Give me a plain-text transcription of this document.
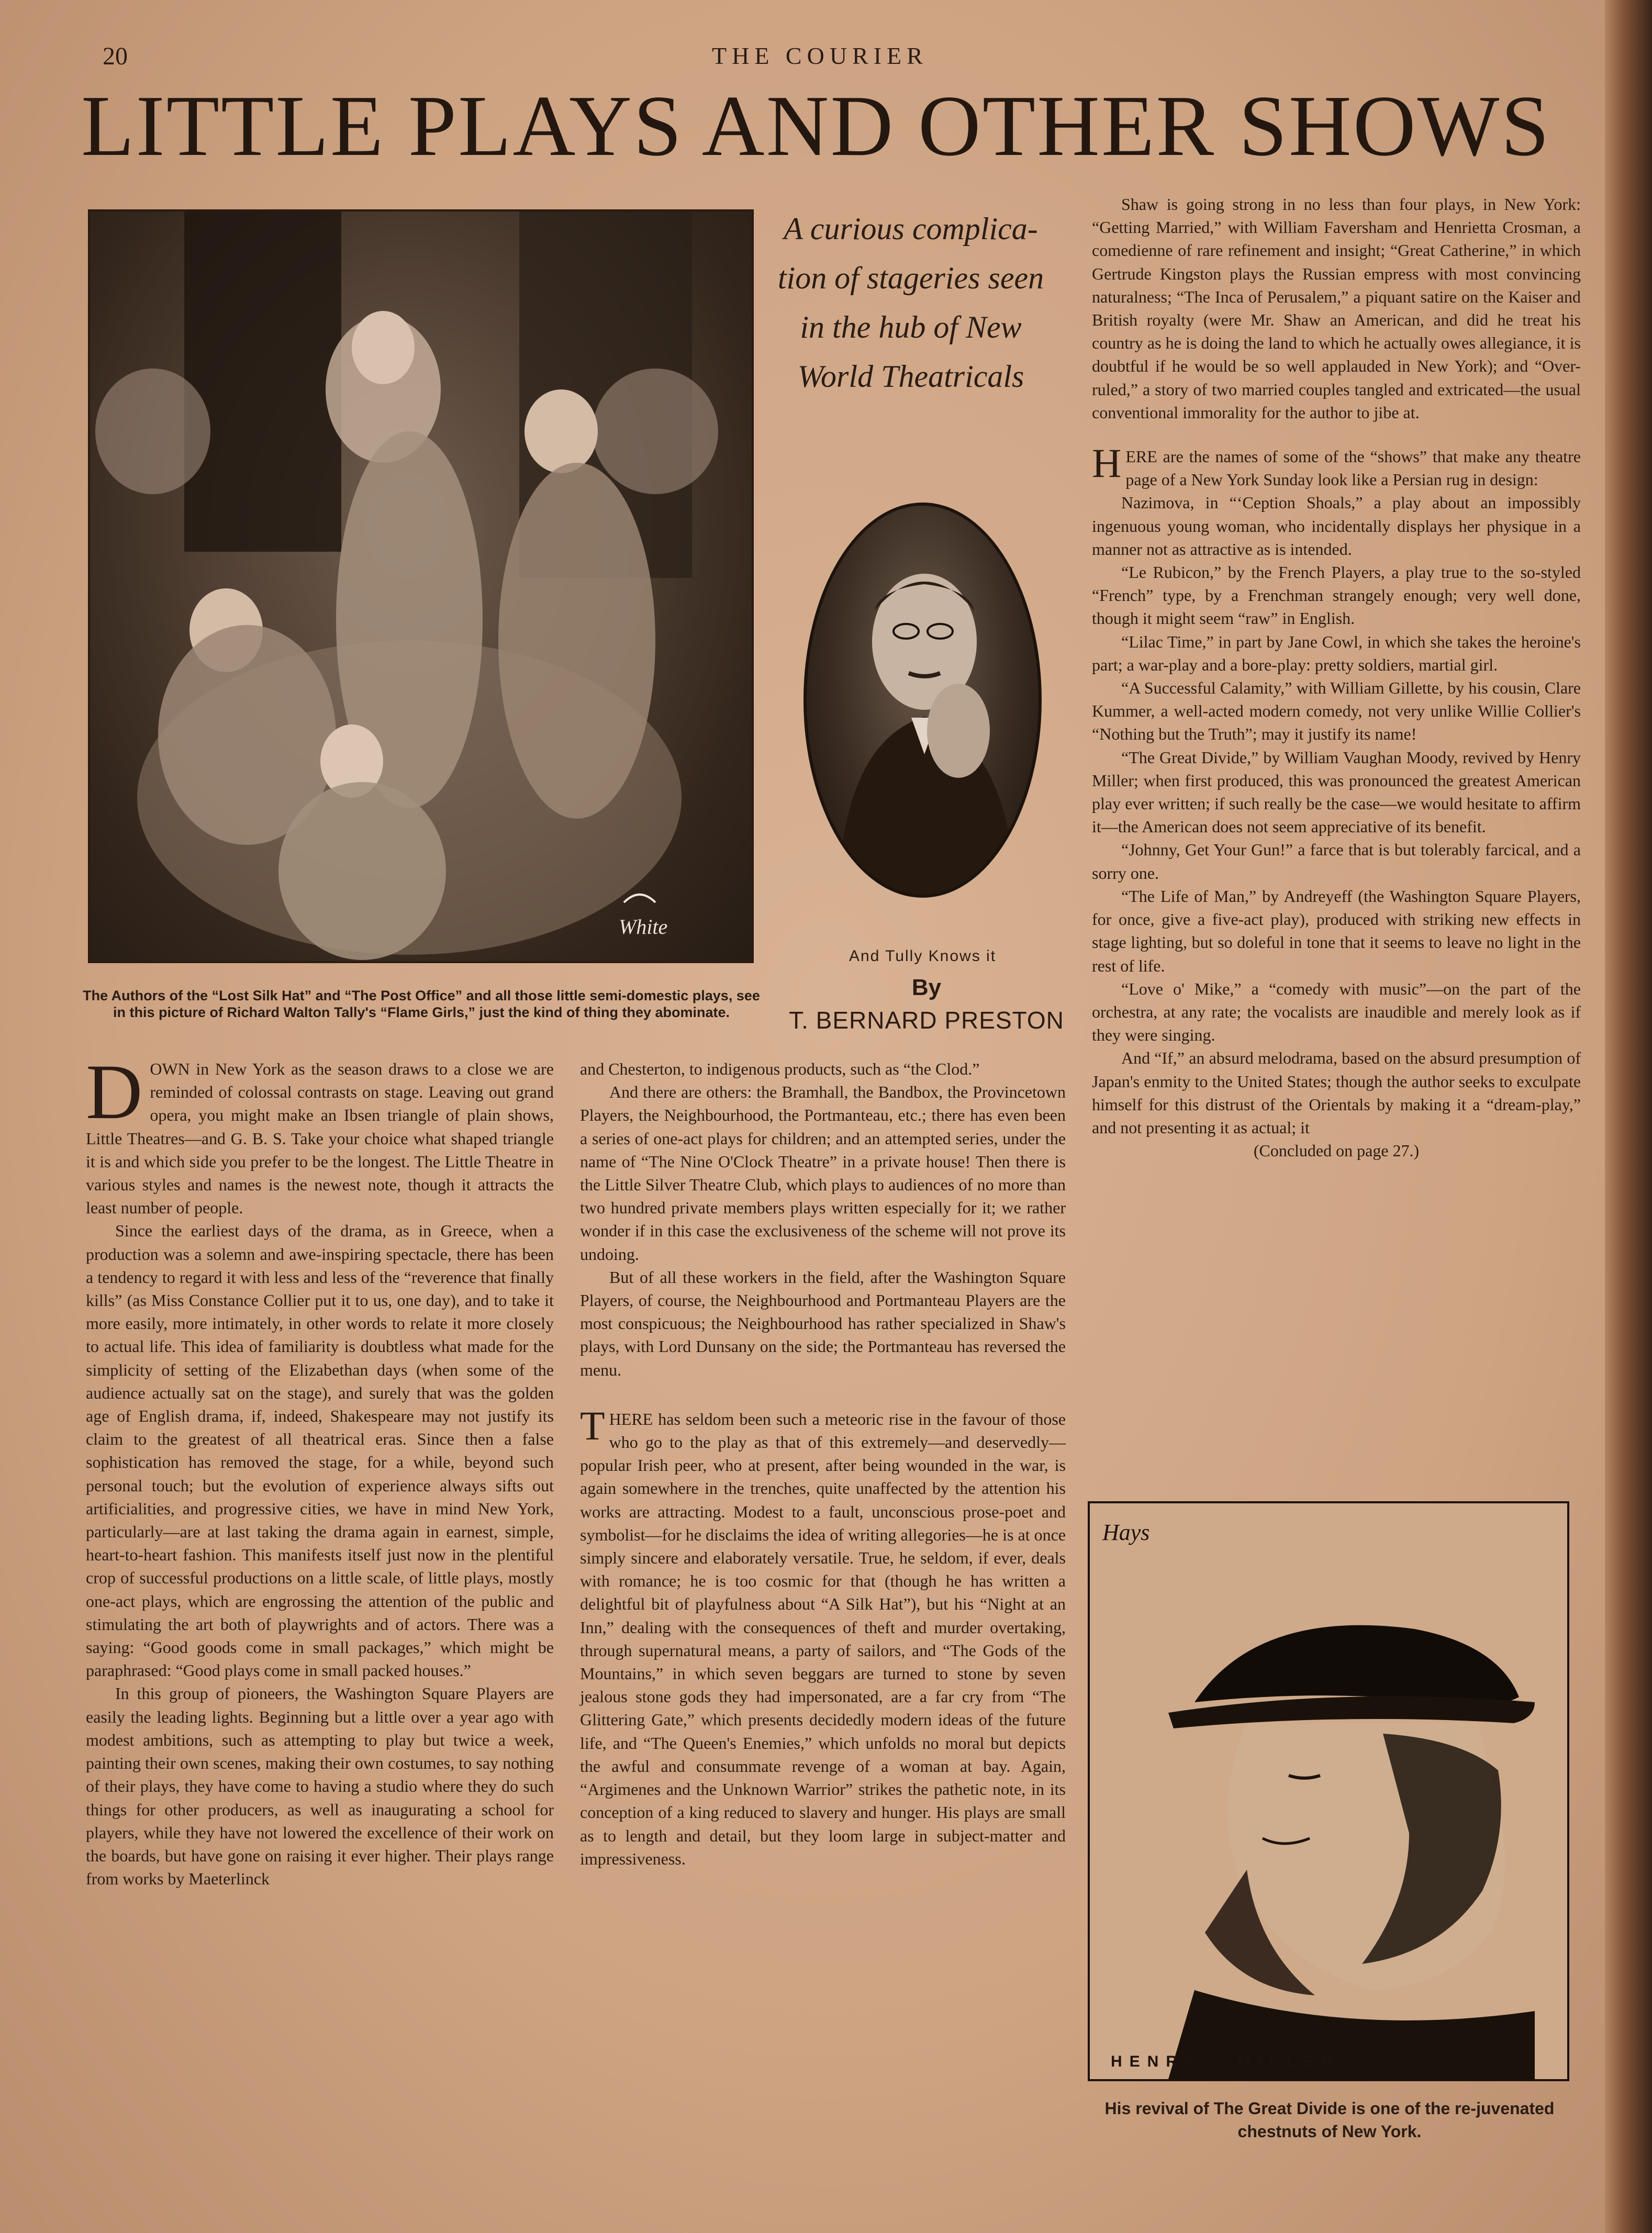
20	THE COURIER
LITTLE PLAYS AND OTHER SHOWS
White
The Authors of the “Lost Silk Hat” and “The Post Office” and all those little semi-domestic plays, see in this picture of Richard Walton Tally's “Flame Girls,” just the kind of thing they abominate.
A curious complica-tion of stageries seen in the hub of New World Theatricals
And Tully Knows it
By
T. BERNARD PRESTON

DOWN in New York as the season draws to a close we are reminded of colossal contrasts on stage. Leaving out grand opera, you might make an Ibsen triangle of plain shows, Little Theatres—and G. B. S. Take your choice what shaped triangle it is and which side you prefer to be the longest. The Little Theatre in various styles and names is the newest note, though it attracts the least number of people.

Since the earliest days of the drama, as in Greece, when a production was a solemn and awe-inspiring spectacle, there has been a tendency to regard it with less and less of the “reverence that finally kills” (as Miss Constance Collier put it to us, one day), and to take it more easily, more intimately, in other words to relate it more closely to actual life. This idea of familiarity is doubtless what made for the simplicity of setting of the Elizabethan days (when some of the audience actually sat on the stage), and surely that was the golden age of English drama, if, indeed, Shakespeare may not justify its claim to the greatest of all theatrical eras. Since then a false sophistication has removed the stage, for a while, beyond such personal touch; but the evolution of experience always sifts out artificialities, and progressive cities, we have in mind New York, particularly—are at last taking the drama again in earnest, simple, heart-to-heart fashion. This manifests itself just now in the plentiful crop of successful productions on a little scale, of little plays, mostly one-act plays, which are engrossing the attention of the public and stimulating the art both of playwrights and of actors. There was a saying: “Good goods come in small packages,” which might be paraphrased: “Good plays come in small packed houses.”

In this group of pioneers, the Washington Square Players are easily the leading lights. Beginning but a little over a year ago with modest ambitions, such as attempting to play but twice a week, painting their own scenes, making their own costumes, to say nothing of their plays, they have come to having a studio where they do such things for other producers, as well as inaugurating a school for players, while they have not lowered the excellence of their work on the boards, but have gone on raising it ever higher. Their plays range from works by Maeterlinck

and Chesterton, to indigenous products, such as “the Clod.”

And there are others: the Bramhall, the Bandbox, the Provincetown Players, the Neighbourhood, the Portmanteau, etc.; there has even been a series of one-act plays for children; and an attempted series, under the name of “The Nine O'Clock Theatre” in a private house! Then there is the Little Silver Theatre Club, which plays to audiences of no more than two hundred private members plays written especially for it; we rather wonder if in this case the exclusiveness of the scheme will not prove its undoing.

But of all these workers in the field, after the Washington Square Players, of course, the Neighbourhood and Portmanteau Players are the most conspicuous; the Neighbourhood has rather specialized in Shaw's plays, with Lord Dunsany on the side; the Portmanteau has reversed the menu.

THERE has seldom been such a meteoric rise in the favour of those who go to the play as that of this extremely—and deservedly—popular Irish peer, who at present, after being wounded in the war, is again somewhere in the trenches, quite unaffected by the attention his works are attracting. Modest to a fault, unconscious prose-poet and symbolist—for he disclaims the idea of writing allegories—he is at once simply sincere and elaborately versatile. True, he seldom, if ever, deals with romance; he is too cosmic for that (though he has written a delightful bit of playfulness about “A Silk Hat”), but his “Night at an Inn,” dealing with the consequences of theft and murder overtaking, through supernatural means, a party of sailors, and “The Gods of the Mountains,” in which seven beggars are turned to stone by seven jealous stone gods they had impersonated, are a far cry from “The Glittering Gate,” which presents decidedly modern ideas of the future life, and “The Queen's Enemies,” which unfolds no moral but depicts the awful and consummate revenge of a woman at bay. Again, “Argimenes and the Unknown Warrior” strikes the pathetic note, in its conception of a king reduced to slavery and hunger. His plays are small as to length and detail, but they loom large in subject-matter and impressiveness.

Shaw is going strong in no less than four plays, in New York: “Getting Married,” with William Faversham and Henrietta Crosman, a comedienne of rare refinement and insight; “Great Catherine,” in which Gertrude Kingston plays the Russian empress with most convincing naturalness; “The Inca of Perusalem,” a piquant satire on the Kaiser and British royalty (were Mr. Shaw an American, and did he treat his country as he is doing the land to which he actually owes allegiance, it is doubtful if he would be so well applauded in New York); and “Over-ruled,” a story of two married couples tangled and extricated—the usual conventional immorality for the author to jibe at.

HERE are the names of some of the “shows” that make any theatre page of a New York Sunday look like a Persian rug in design:

Nazimova, in “‘Ception Shoals,” a play about an impossibly ingenuous young woman, who incidentally displays her physique in a manner not as attractive as is intended.

“Le Rubicon,” by the French Players, a play true to the so-styled “French” type, by a Frenchman strangely enough; very well done, though it might seem “raw” in English.

“Lilac Time,” in part by Jane Cowl, in which she takes the heroine's part; a war-play and a bore-play: pretty soldiers, martial girl.

“A Successful Calamity,” with William Gillette, by his cousin, Clare Kummer, a well-acted modern comedy, not very unlike Willie Collier's “Nothing but the Truth”; may it justify its name!

“The Great Divide,” by William Vaughan Moody, revived by Henry Miller; when first produced, this was pronounced the greatest American play ever written; if such really be the case—we would hesitate to affirm it—the American does not seem appreciative of its benefit.

“Johnny, Get Your Gun!” a farce that is but tolerably farcical, and a sorry one.

“The Life of Man,” by Andreyeff (the Washington Square Players, for once, give a five-act play), produced with striking new effects in stage lighting, but so doleful in tone that it seems to leave no light in the rest of life.

“Love o' Mike,” a “comedy with music”—on the part of the orchestra, at any rate; the vocalists are inaudible and merely look as if they were singing.

And “If,” an absurd melodrama, based on the absurd presumption of Japan's enmity to the United States; though the author seeks to exculpate himself for this distrust of the Orientals by making it a “dream-play,” and not presenting it as actual; it

(Concluded on page 27.)

Hays
HENRY · MILLER · ·
His revival of The Great Divide is one of the re-juvenated chestnuts of New York.
